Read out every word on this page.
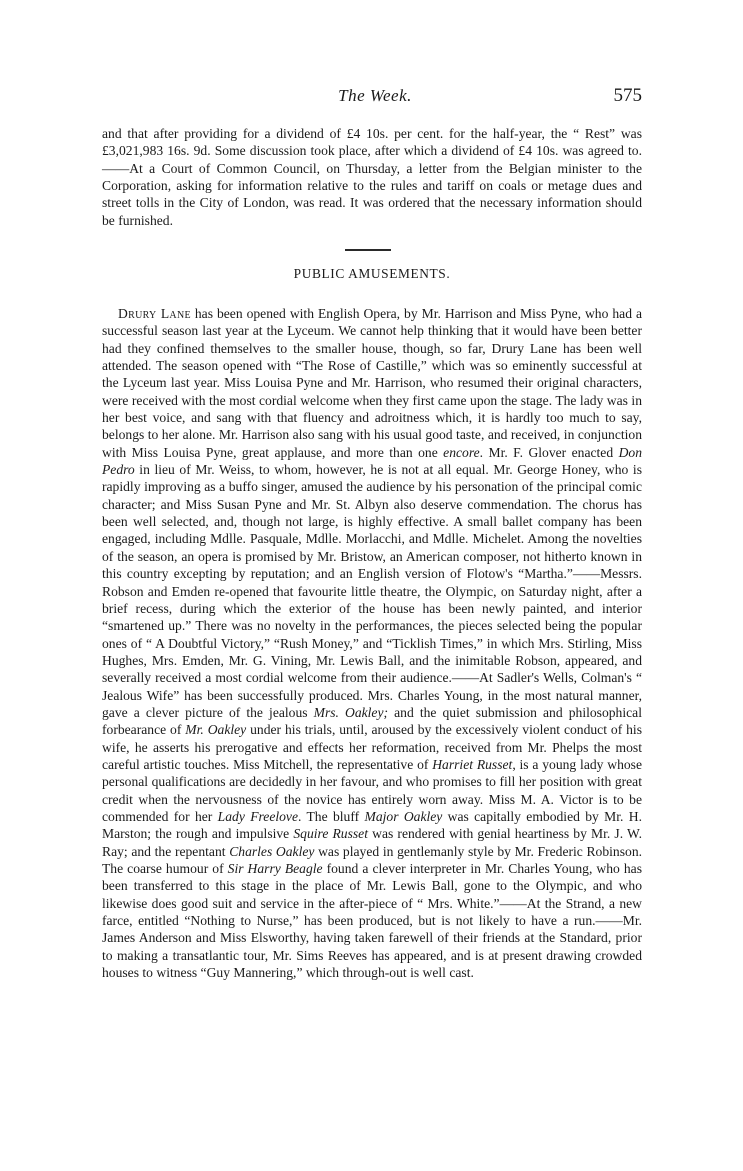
The Week.	575

and that after providing for a dividend of £4 10s. per cent. for the half-year, the “ Rest” was £3,021,983 16s. 9d. Some discussion took place, after which a dividend of £4 10s. was agreed to.——At a Court of Common Council, on Thursday, a letter from the Belgian minister to the Corporation, asking for information relative to the rules and tariff on coals or metage dues and street tolls in the City of London, was read. It was ordered that the necessary information should be furnished.

PUBLIC AMUSEMENTS.

Drury Lane has been opened with English Opera, by Mr. Harrison and Miss Pyne, who had a successful season last year at the Lyceum. We cannot help thinking that it would have been better had they confined themselves to the smaller house, though, so far, Drury Lane has been well attended. The season opened with “The Rose of Castille,” which was so eminently successful at the Lyceum last year. Miss Louisa Pyne and Mr. Harrison, who resumed their original characters, were received with the most cordial welcome when they first came upon the stage. The lady was in her best voice, and sang with that fluency and adroitness which, it is hardly too much to say, belongs to her alone. Mr. Harrison also sang with his usual good taste, and received, in conjunction with Miss Louisa Pyne, great applause, and more than one encore. Mr. F. Glover enacted Don Pedro in lieu of Mr. Weiss, to whom, however, he is not at all equal. Mr. George Honey, who is rapidly improving as a buffo singer, amused the audience by his personation of the principal comic character; and Miss Susan Pyne and Mr. St. Albyn also deserve commendation. The chorus has been well selected, and, though not large, is highly effective. A small ballet company has been engaged, including Mdlle. Pasquale, Mdlle. Morlacchi, and Mdlle. Michelet. Among the novelties of the season, an opera is promised by Mr. Bristow, an American composer, not hitherto known in this country excepting by reputation; and an English version of Flotow's “Martha.”——Messrs. Robson and Emden re-opened that favourite little theatre, the Olympic, on Saturday night, after a brief recess, during which the exterior of the house has been newly painted, and interior “smartened up.” There was no novelty in the performances, the pieces selected being the popular ones of “ A Doubtful Victory,” “Rush Money,” and “Ticklish Times,” in which Mrs. Stirling, Miss Hughes, Mrs. Emden, Mr. G. Vining, Mr. Lewis Ball, and the inimitable Robson, appeared, and severally received a most cordial welcome from their audience.——At Sadler's Wells, Colman's “ Jealous Wife” has been successfully produced. Mrs. Charles Young, in the most natural manner, gave a clever picture of the jealous Mrs. Oakley; and the quiet submission and philosophical forbearance of Mr. Oakley under his trials, until, aroused by the excessively violent conduct of his wife, he asserts his prerogative and effects her reformation, received from Mr. Phelps the most careful artistic touches. Miss Mitchell, the representative of Harriet Russet, is a young lady whose personal qualifications are decidedly in her favour, and who promises to fill her position with great credit when the nervousness of the novice has entirely worn away. Miss M. A. Victor is to be commended for her Lady Freelove. The bluff Major Oakley was capitally embodied by Mr. H. Marston; the rough and impulsive Squire Russet was rendered with genial heartiness by Mr. J. W. Ray; and the repentant Charles Oakley was played in gentlemanly style by Mr. Frederic Robinson. The coarse humour of Sir Harry Beagle found a clever interpreter in Mr. Charles Young, who has been transferred to this stage in the place of Mr. Lewis Ball, gone to the Olympic, and who likewise does good suit and service in the after-piece of “ Mrs. White.”——At the Strand, a new farce, entitled “Nothing to Nurse,” has been produced, but is not likely to have a run.——Mr. James Anderson and Miss Elsworthy, having taken farewell of their friends at the Standard, prior to making a transatlantic tour, Mr. Sims Reeves has appeared, and is at present drawing crowded houses to witness “Guy Mannering,” which through-out is well cast.
